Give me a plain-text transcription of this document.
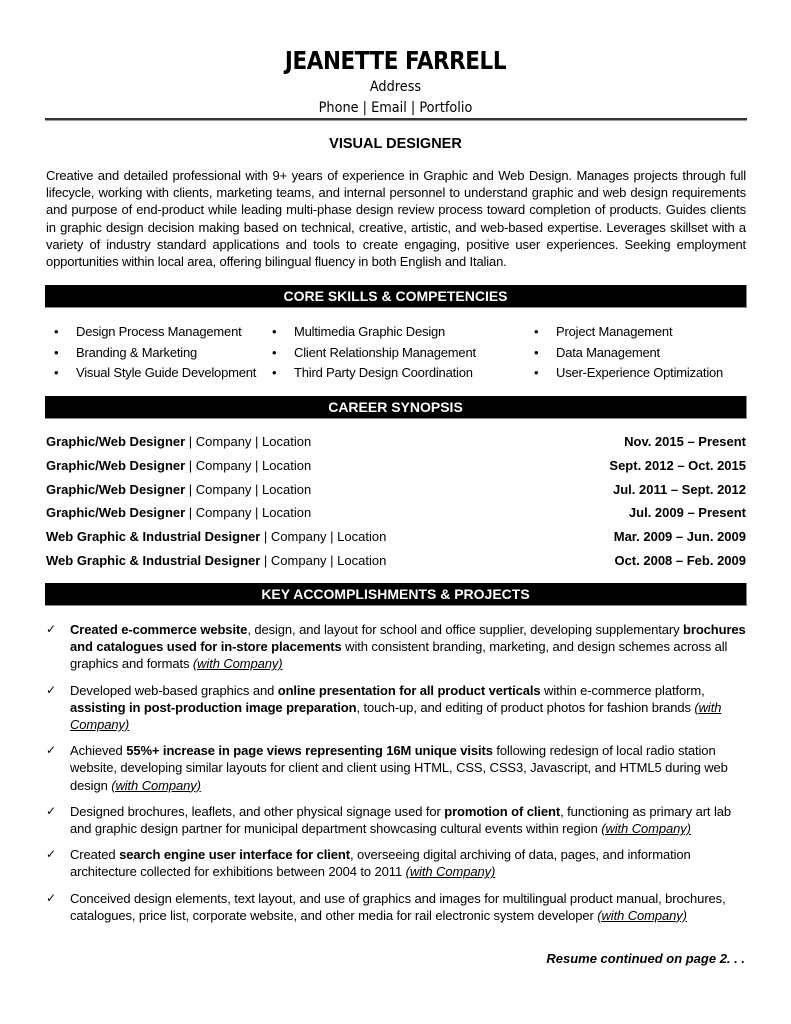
JEANETTE FARRELL
Address
Phone | Email | Portfolio
VISUAL DESIGNER
Creative and detailed professional with 9+ years of experience in Graphic and Web Design. Manages projects through full lifecycle, working with clients, marketing teams, and internal personnel to understand graphic and web design requirements and purpose of end-product while leading multi-phase design review process toward completion of products. Guides clients in graphic design decision making based on technical, creative, artistic, and web-based expertise. Leverages skillset with a variety of industry standard applications and tools to create engaging, positive user experiences. Seeking employment opportunities within local area, offering bilingual fluency in both English and Italian.
CORE SKILLS & COMPETENCIES
• Design Process Management
• Branding & Marketing
• Visual Style Guide Development
• Multimedia Graphic Design
• Client Relationship Management
• Third Party Design Coordination
• Project Management
• Data Management
• User-Experience Optimization
CAREER SYNOPSIS
Graphic/Web Designer | Company | Location	Nov. 2015 – Present
Graphic/Web Designer | Company | Location	Sept. 2012 – Oct. 2015
Graphic/Web Designer | Company | Location	Jul. 2011 – Sept. 2012
Graphic/Web Designer | Company | Location	Jul. 2009 – Present
Web Graphic & Industrial Designer | Company | Location	Mar. 2009 – Jun. 2009
Web Graphic & Industrial Designer | Company | Location	Oct. 2008 – Feb. 2009
KEY ACCOMPLISHMENTS & PROJECTS
✓ Created e-commerce website, design, and layout for school and office supplier, developing supplementary brochures and catalogues used for in-store placements with consistent branding, marketing, and design schemes across all graphics and formats (with Company)
✓ Developed web-based graphics and online presentation for all product verticals within e-commerce platform, assisting in post-production image preparation, touch-up, and editing of product photos for fashion brands (with Company)
✓ Achieved 55%+ increase in page views representing 16M unique visits following redesign of local radio station website, developing similar layouts for client and client using HTML, CSS, CSS3, Javascript, and HTML5 during web design (with Company)
✓ Designed brochures, leaflets, and other physical signage used for promotion of client, functioning as primary art lab and graphic design partner for municipal department showcasing cultural events within region (with Company)
✓ Created search engine user interface for client, overseeing digital archiving of data, pages, and information architecture collected for exhibitions between 2004 to 2011 (with Company)
✓ Conceived design elements, text layout, and use of graphics and images for multilingual product manual, brochures, catalogues, price list, corporate website, and other media for rail electronic system developer (with Company)
Resume continued on page 2. . .
